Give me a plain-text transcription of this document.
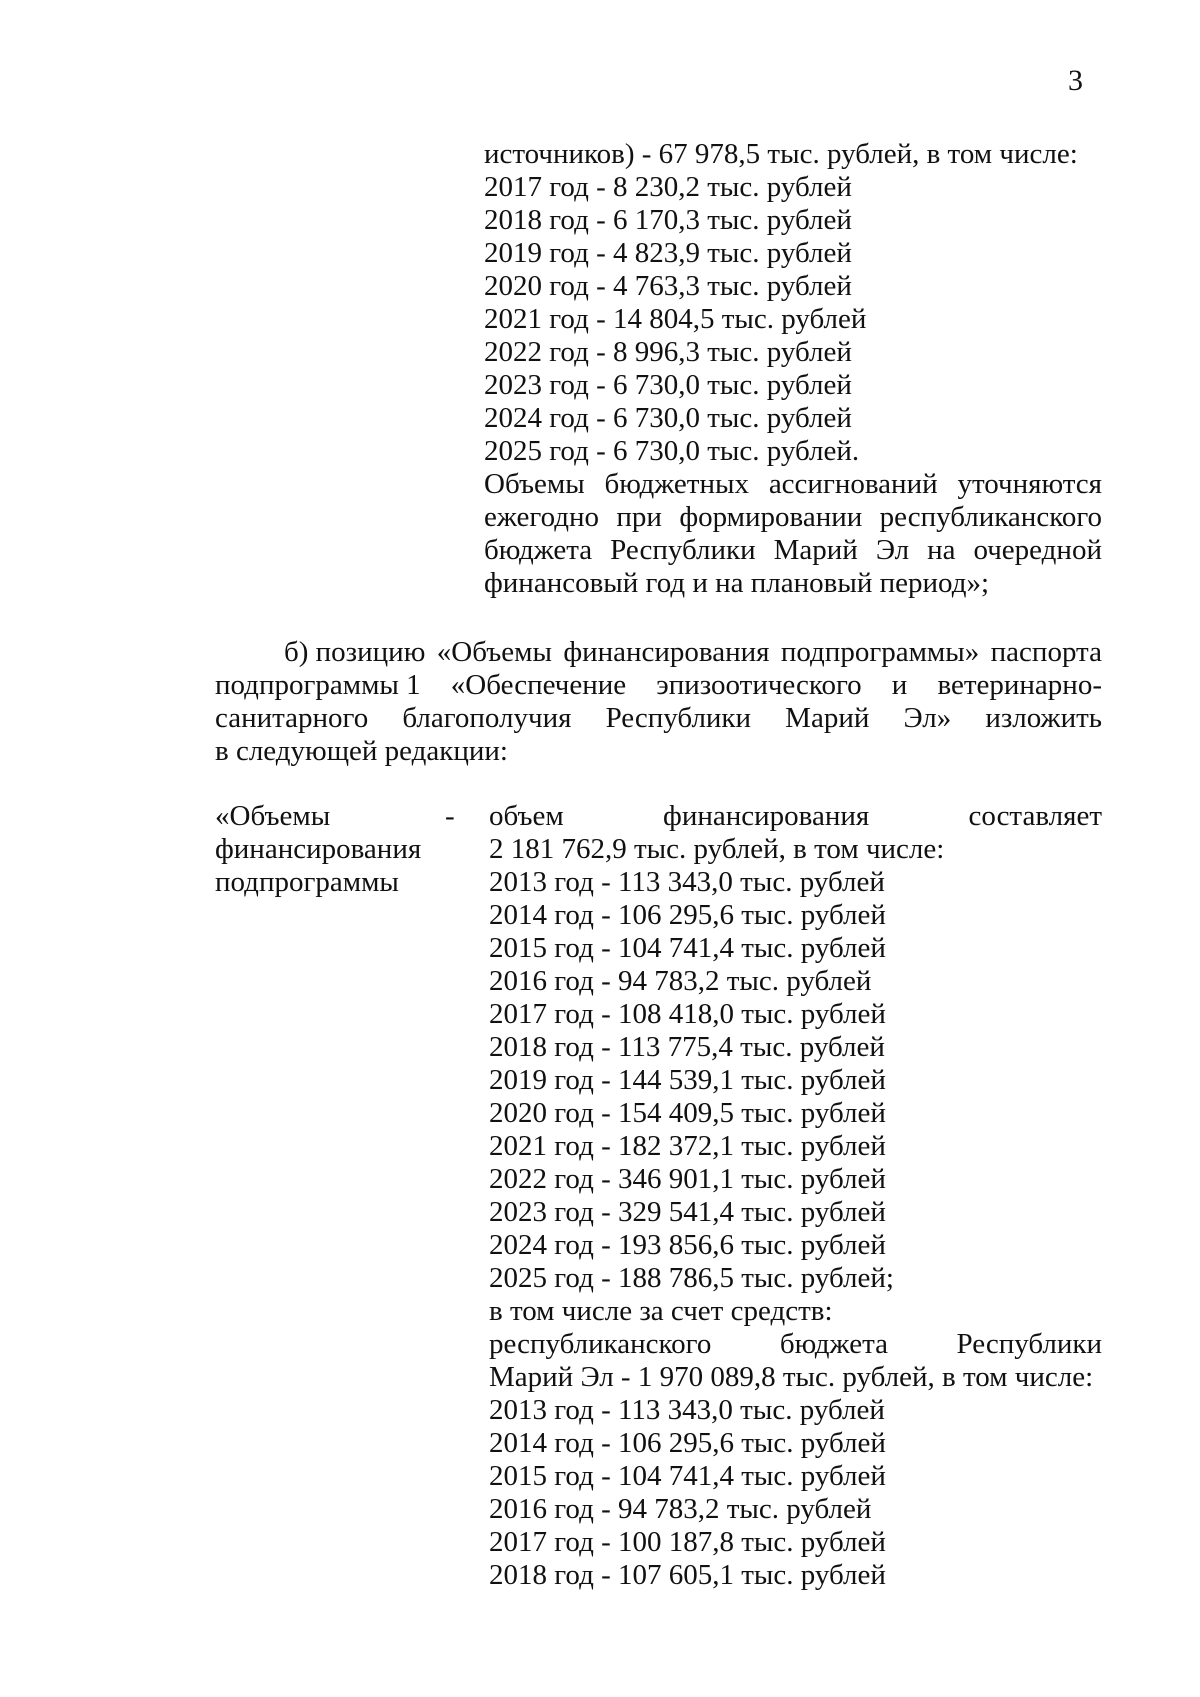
3
источников) - 67 978,5 тыс. рублей, в том числе:
2017 год - 8 230,2 тыс. рублей
2018 год - 6 170,3 тыс. рублей
2019 год - 4 823,9 тыс. рублей
2020 год - 4 763,3 тыс. рублей
2021 год - 14 804,5 тыс. рублей
2022 год - 8 996,3 тыс. рублей
2023 год - 6 730,0 тыс. рублей
2024 год - 6 730,0 тыс. рублей
2025 год - 6 730,0 тыс. рублей.
Объемы бюджетных ассигнований уточняются
ежегодно при формировании республиканского
бюджета Республики Марий Эл на очередной
финансовый год и на плановый период»;
б) позицию «Объемы финансирования подпрограммы» паспорта
подпрограммы 1 «Обеспечение эпизоотического и ветеринарно-
санитарного благополучия Республики Марий Эл» изложить
в следующей редакции:
«Объемы
финансирования
подпрограммы
- объем	финансирования	составляет
2 181 762,9 тыс. рублей, в том числе:
2013 год - 113 343,0 тыс. рублей
2014 год - 106 295,6 тыс. рублей
2015 год - 104 741,4 тыс. рублей
2016 год - 94 783,2 тыс. рублей
2017 год - 108 418,0 тыс. рублей
2018 год - 113 775,4 тыс. рублей
2019 год - 144 539,1 тыс. рублей
2020 год - 154 409,5 тыс. рублей
2021 год - 182 372,1 тыс. рублей
2022 год - 346 901,1 тыс. рублей
2023 год - 329 541,4 тыс. рублей
2024 год - 193 856,6 тыс. рублей
2025 год - 188 786,5 тыс. рублей;
в том числе за счет средств:
республиканского бюджета Республики
Марий Эл - 1 970 089,8 тыс. рублей, в том числе:
2013 год - 113 343,0 тыс. рублей
2014 год - 106 295,6 тыс. рублей
2015 год - 104 741,4 тыс. рублей
2016 год - 94 783,2 тыс. рублей
2017 год - 100 187,8 тыс. рублей
2018 год - 107 605,1 тыс. рублей
